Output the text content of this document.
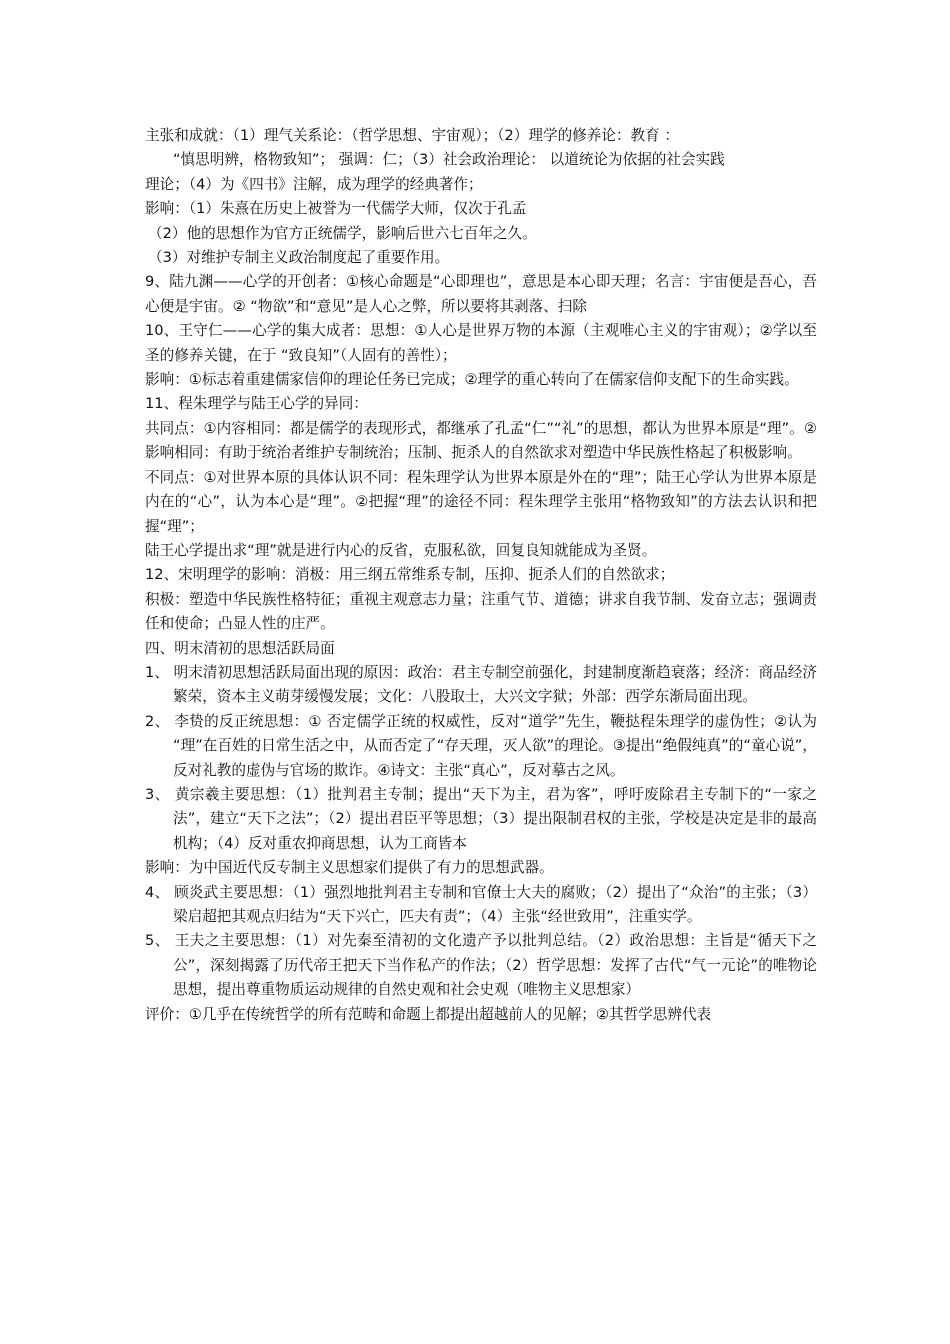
主张和成就：（1）理气关系论：（哲学思想、宇宙观）；（2）理学的修养论：教育 ：

“慎思明辨，格物致知”； 强调：仁；（3）社会政治理论： 以道统论为依据的社会实践

理论；（4）为《四书》注解，成为理学的经典著作；

影响：（1）朱熹在历史上被誉为一代儒学大师，仅次于孔孟

（2）他的思想作为官方正统儒学，影响后世六七百年之久。

（3）对维护专制主义政治制度起了重要作用。

9、陆九渊——心学的开创者：①核心命题是“心即理也”，意思是本心即天理；名言：宇宙便是吾心，吾心便是宇宙。② “物欲”和“意见”是人心之弊，所以要将其剥落、扫除

10、王守仁——心学的集大成者：思想：①人心是世界万物的本源（主观唯心主义的宇宙观）；②学以至圣的修养关键，在于 “致良知”（人固有的善性）；

影响：①标志着重建儒家信仰的理论任务已完成；②理学的重心转向了在儒家信仰支配下的生命实践。

11、程朱理学与陆王心学的异同：

共同点：①内容相同：都是儒学的表现形式，都继承了孔孟“仁”“礼”的思想，都认为世界本原是“理”。②影响相同：有助于统治者维护专制统治；压制、扼杀人的自然欲求对塑造中华民族性格起了积极影响。

不同点：①对世界本原的具体认识不同：程朱理学认为世界本原是外在的“理”；陆王心学认为世界本原是内在的“心”，认为本心是“理”。②把握“理”的途径不同：程朱理学主张用“格物致知”的方法去认识和把握“理”；

陆王心学提出求“理”就是进行内心的反省，克服私欲，回复良知就能成为圣贤。

12、宋明理学的影响：消极：用三纲五常维系专制，压抑、扼杀人们的自然欲求；

积极：塑造中华民族性格特征；重视主观意志力量；注重气节、道德；讲求自我节制、发奋立志；强调责任和使命；凸显人性的庄严。

四、明末清初的思想活跃局面

1、 明末清初思想活跃局面出现的原因：政治：君主专制空前强化，封建制度渐趋衰落；经济：商品经济繁荣，资本主义萌芽缓慢发展；文化：八股取士，大兴文字狱；外部：西学东渐局面出现。

2、 李贽的反正统思想：① 否定儒学正统的权威性，反对“道学”先生，鞭挞程朱理学的虚伪性；②认为 “理”在百姓的日常生活之中，从而否定了“存天理，灭人欲”的理论。③提出“绝假纯真”的“童心说”，反对礼教的虚伪与官场的欺诈。④诗文：主张“真心”，反对摹古之风。

3、 黄宗羲主要思想：（1）批判君主专制；提出“天下为主，君为客”，呼吁废除君主专制下的“一家之法”，建立“天下之法”；（2）提出君臣平等思想；（3）提出限制君权的主张，学校是决定是非的最高机构；（4）反对重农抑商思想，认为工商皆本

影响：为中国近代反专制主义思想家们提供了有力的思想武器。

4、 顾炎武主要思想：（1）强烈地批判君主专制和官僚士大夫的腐败；（2）提出了“众治”的主张；（3）梁启超把其观点归结为“天下兴亡，匹夫有责”；（4）主张“经世致用”，注重实学。

5、 王夫之主要思想：（1）对先秦至清初的文化遗产予以批判总结。（2）政治思想：主旨是“循天下之公”，深刻揭露了历代帝王把天下当作私产的作法；（2）哲学思想：发挥了古代“气一元论”的唯物论思想，提出尊重物质运动规律的自然史观和社会史观（唯物主义思想家）

评价：①几乎在传统哲学的所有范畴和命题上都提出超越前人的见解；②其哲学思辨代表
